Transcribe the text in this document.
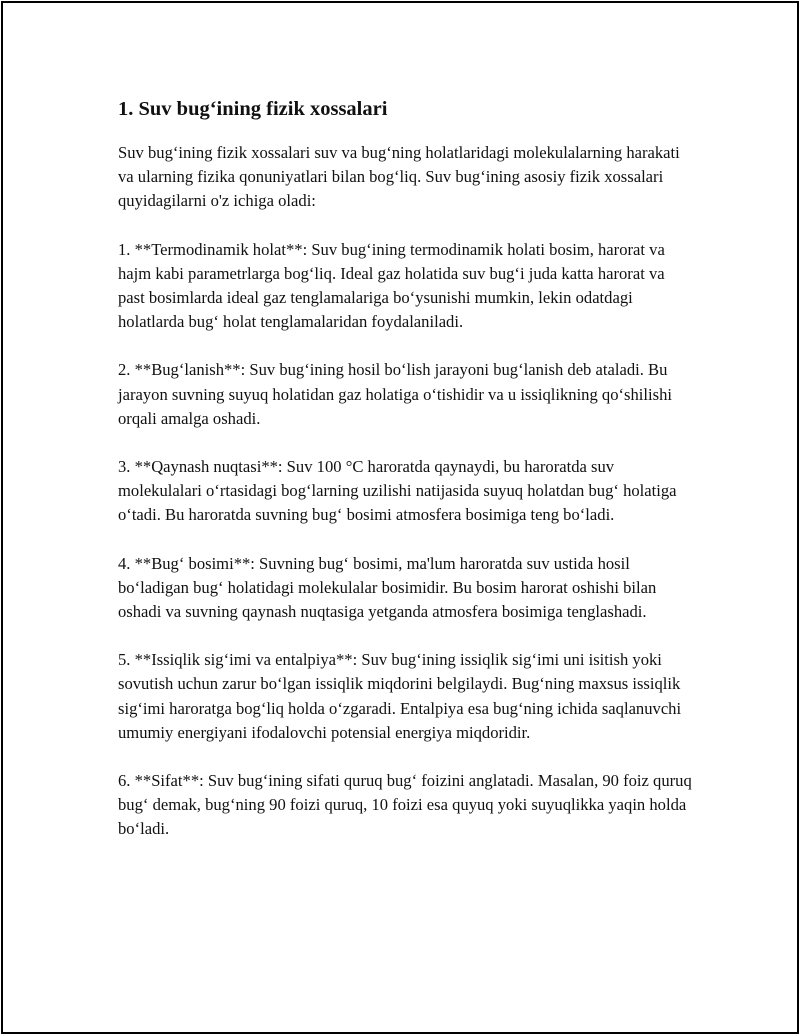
1. Suv bug‘ining fizik xossalari

Suv bug‘ining fizik xossalari suv va bug‘ning holatlaridagi molekulalarning harakati va ularning fizika qonuniyatlari bilan bog‘liq. Suv bug‘ining asosiy fizik xossalari quyidagilarni o'z ichiga oladi:

1. **Termodinamik holat**: Suv bug‘ining termodinamik holati bosim, harorat va hajm kabi parametrlarga bog‘liq. Ideal gaz holatida suv bug‘i juda katta harorat va past bosimlarda ideal gaz tenglamalariga bo‘ysunishi mumkin, lekin odatdagi holatlarda bug‘ holat tenglamalaridan foydalaniladi.

2. **Bug‘lanish**: Suv bug‘ining hosil bo‘lish jarayoni bug‘lanish deb ataladi. Bu jarayon suvning suyuq holatidan gaz holatiga o‘tishidir va u issiqlikning qo‘shilishi orqali amalga oshadi.

3. **Qaynash nuqtasi**: Suv 100 °C haroratda qaynaydi, bu haroratda suv molekulalari o‘rtasidagi bog‘larning uzilishi natijasida suyuq holatdan bug‘ holatiga o‘tadi. Bu haroratda suvning bug‘ bosimi atmosfera bosimiga teng bo‘ladi.

4. **Bug‘ bosimi**: Suvning bug‘ bosimi, ma'lum haroratda suv ustida hosil bo‘ladigan bug‘ holatidagi molekulalar bosimidir. Bu bosim harorat oshishi bilan oshadi va suvning qaynash nuqtasiga yetganda atmosfera bosimiga tenglashadi.

5. **Issiqlik sig‘imi va entalpiya**: Suv bug‘ining issiqlik sig‘imi uni isitish yoki sovutish uchun zarur bo‘lgan issiqlik miqdorini belgilaydi. Bug‘ning maxsus issiqlik sig‘imi haroratga bog‘liq holda o‘zgaradi. Entalpiya esa bug‘ning ichida saqlanuvchi umumiy energiyani ifodalovchi potensial energiya miqdoridir.

6. **Sifat**: Suv bug‘ining sifati quruq bug‘ foizini anglatadi. Masalan, 90 foiz quruq bug‘ demak, bug‘ning 90 foizi quruq, 10 foizi esa quyuq yoki suyuqlikka yaqin holda bo‘ladi.
